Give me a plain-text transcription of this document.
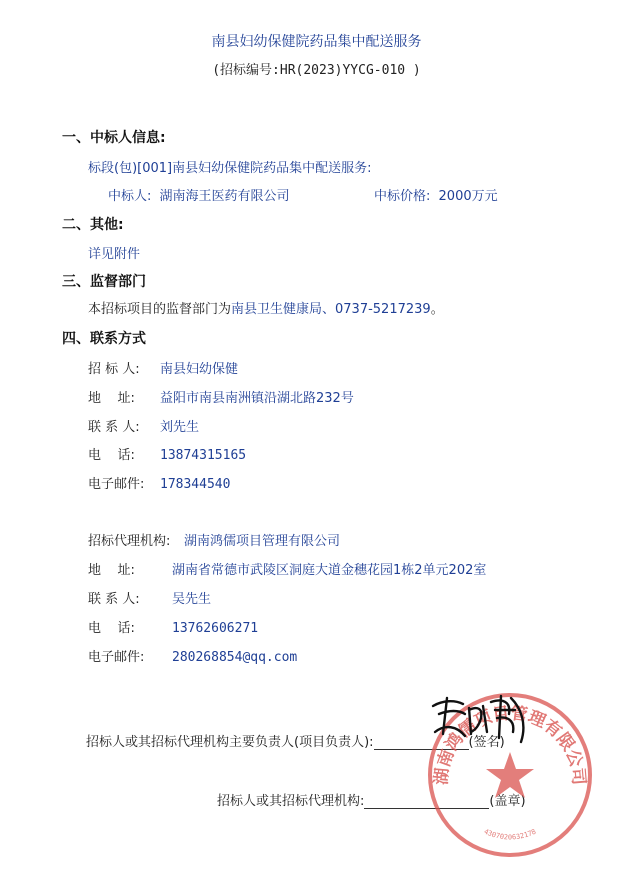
南县妇幼保健院药品集中配送服务
(招标编号:HR(2023)YYCG-010 )
一、中标人信息:
标段(包)[001]南县妇幼保健院药品集中配送服务:
中标人: 湖南海王医药有限公司	中标价格: 2000万元
二、其他:
详见附件
三、监督部门
本招标项目的监督部门为南县卫生健康局、0737-5217239。
四、联系方式
招 标 人: 南县妇幼保健
地    址: 益阳市南县南洲镇沿湖北路232号
联 系 人: 刘先生
电    话: 13874315165
电子邮件: 178344540
招标代理机构: 湖南鸿儒项目管理有限公司
地    址:	湖南省常德市武陵区洞庭大道金穗花园1栋2单元202室
联 系 人: 吴先生
电    话:	13762606271
电子邮件: 280268854@qq.com
招标人或其招标代理机构主要负责人(项目负责人):	(签名)
招标人或其招标代理机构:	(盖章)
湖南鸿儒项目管理有限公司
4307020632178
